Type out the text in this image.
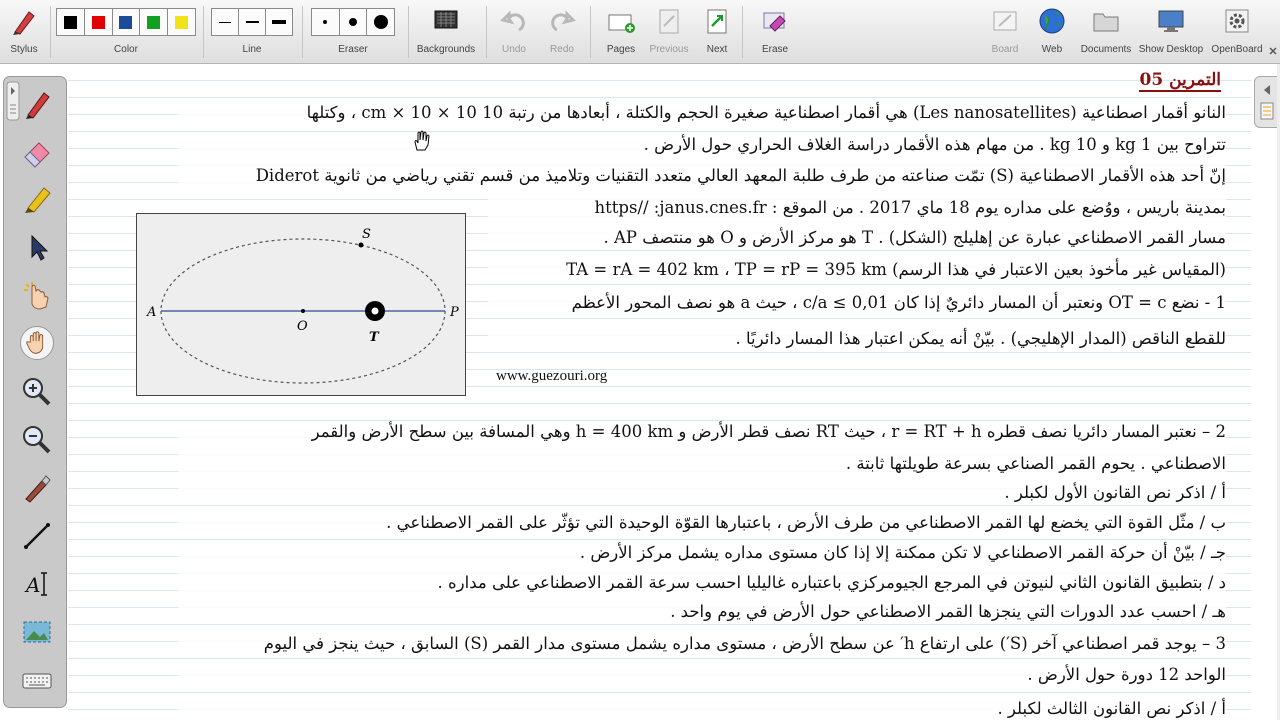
Stylus	Color	Line	Eraser	Backgrounds	Undo	Redo	Pages	Previous	Next	Erase	Board	Web	Documents Show Desktop OpenBoard
التمرين 05
النانو أقمار اصطناعية (Les nanosatellites) هي أقمار اصطناعية صغيرة الحجم والكتلة ، أبعادها من رتبة 10 cm × 10 × 10 ، وكتلها
تتراوح بين 1 kg و 10 kg . من مهام هذه الأقمار دراسة الغلاف الحراري حول الأرض .
إنّ أحد هذه الأقمار الاصطناعية (S) تمّت صناعته من طرف طلبة المعهد العالي متعدد التقنيات وتلاميذ من قسم تقني رياضي من ثانوية Diderot
A	P
O
T
S
بمدينة باريس ، ووُضع على مداره يوم 18 ماي 2017 . من الموقع : https// :janus.cnes.fr
مسار القمر الاصطناعي عبارة عن إهليلج (الشكل) . T هو مركز الأرض و O هو منتصف AP .
(المقياس غير مأخوذ بعين الاعتبار في هذا الرسم) TA = rA = 402 km ، TP = rP = 395 km
1 - نضع OT = c ونعتبر أن المسار دائريٌ إذا كان c/a ≤ 0,01 ، حيث a هو نصف المحور الأعظم
للقطع الناقص (المدار الإهليجي) . بيّنْ أنه يمكن اعتبار هذا المسار دائريًا .
www.guezouri.org
2 – نعتبر المسار دائريا نصف قطره r = RT + h ، حيث RT نصف قطر الأرض و h = 400 km وهي المسافة بين سطح الأرض والقمر
الاصطناعي . يحوم القمر الصناعي بسرعة طويلتها ثابتة .
أ / اذكر نص القانون الأول لكبلر .
ب / مثّل القوة التي يخضع لها القمر الاصطناعي من طرف الأرض ، باعتبارها القوّة الوحيدة التي تؤثّر على القمر الاصطناعي .
جـ / بيّنْ أن حركة القمر الاصطناعي لا تكن ممكنة إلا إذا كان مستوى مداره يشمل مركز الأرض .
د / بتطبيق القانون الثاني لنيوتن في المرجع الجيومركزي باعتباره غاليليا احسب سرعة القمر الاصطناعي على مداره .
هـ / احسب عدد الدورات التي ينجزها القمر الاصطناعي حول الأرض في يوم واحد .
3 – يوجد قمر اصطناعي آخر (S′) على ارتفاع h′ عن سطح الأرض ، مستوى مداره يشمل مستوى مدار القمر (S) السابق ، حيث ينجز في اليوم
الواحد 12 دورة حول الأرض .
أ / اذكر نص القانون الثالث لكبلر .
A
